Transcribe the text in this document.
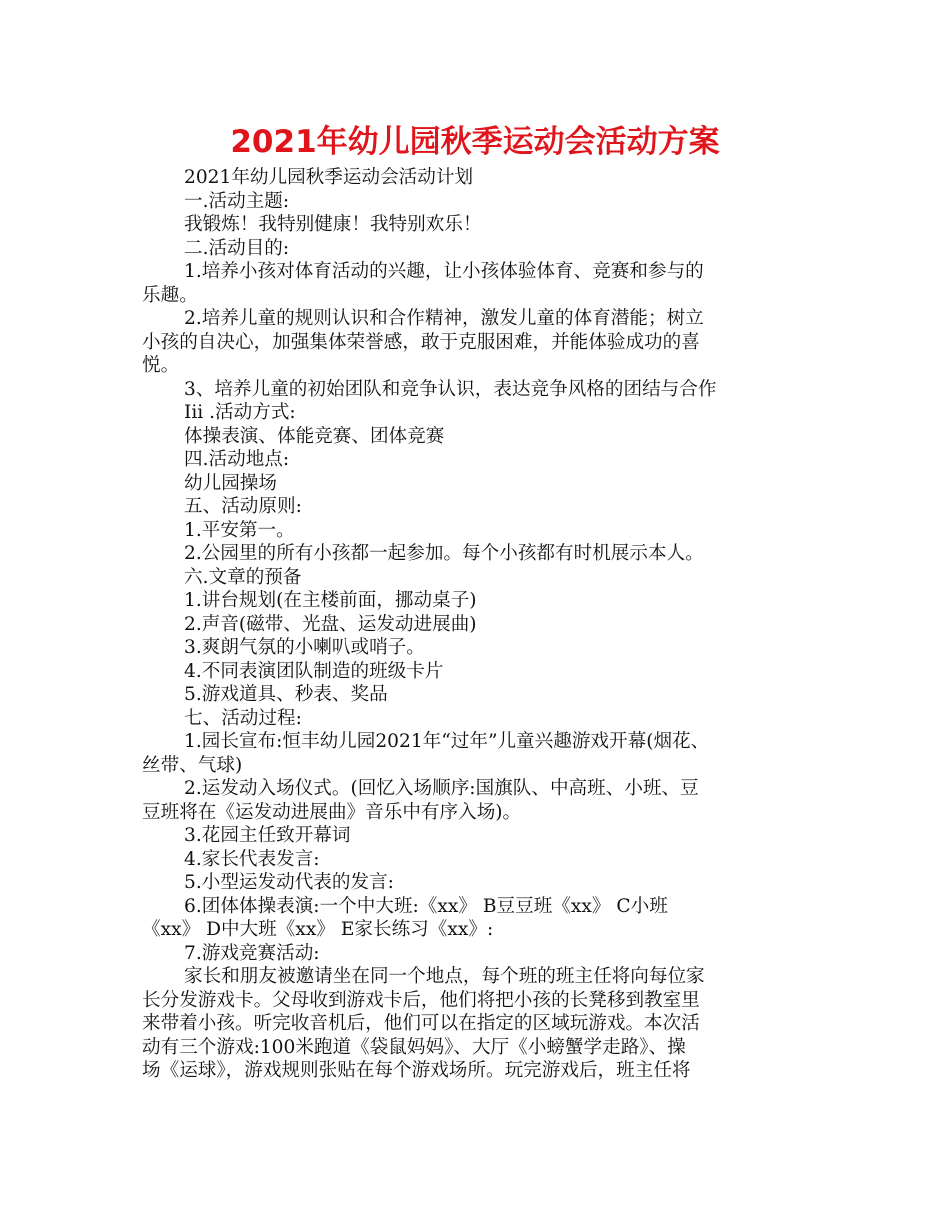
2021年幼儿园秋季运动会活动方案
2021年幼儿园秋季运动会活动计划
一.活动主题:
我锻炼！我特别健康！我特别欢乐！
二.活动目的:
1.培养小孩对体育活动的兴趣，让小孩体验体育、竞赛和参与的
乐趣。
2.培养儿童的规则认识和合作精神，激发儿童的体育潜能；树立
小孩的自决心，加强集体荣誉感，敢于克服困难，并能体验成功的喜
悦。
3、培养儿童的初始团队和竞争认识，表达竞争风格的团结与合作
Iii .活动方式:
体操表演、体能竞赛、团体竞赛
四.活动地点:
幼儿园操场
五、活动原则:
1.平安第一。
2.公园里的所有小孩都一起参加。每个小孩都有时机展示本人。
六.文章的预备
1.讲台规划(在主楼前面，挪动桌子)
2.声音(磁带、光盘、运发动进展曲)
3.爽朗气氛的小喇叭或哨子。
4.不同表演团队制造的班级卡片
5.游戏道具、秒表、奖品
七、活动过程:
1.园长宣布:恒丰幼儿园2021年“过年”儿童兴趣游戏开幕(烟花、
丝带、气球)
2.运发动入场仪式。(回忆入场顺序:国旗队、中高班、小班、豆
豆班将在《运发动进展曲》音乐中有序入场)。
3.花园主任致开幕词
4.家长代表发言:
5.小型运发动代表的发言:
6.团体体操表演:一个中大班:《xx》 B豆豆班《xx》 C小班
《xx》 D中大班《xx》 E家长练习《xx》:
7.游戏竞赛活动:
家长和朋友被邀请坐在同一个地点，每个班的班主任将向每位家
长分发游戏卡。父母收到游戏卡后，他们将把小孩的长凳移到教室里
来带着小孩。听完收音机后，他们可以在指定的区域玩游戏。本次活
动有三个游戏:100米跑道《袋鼠妈妈》、大厅《小螃蟹学走路》、操
场《运球》，游戏规则张贴在每个游戏场所。玩完游戏后，班主任将
